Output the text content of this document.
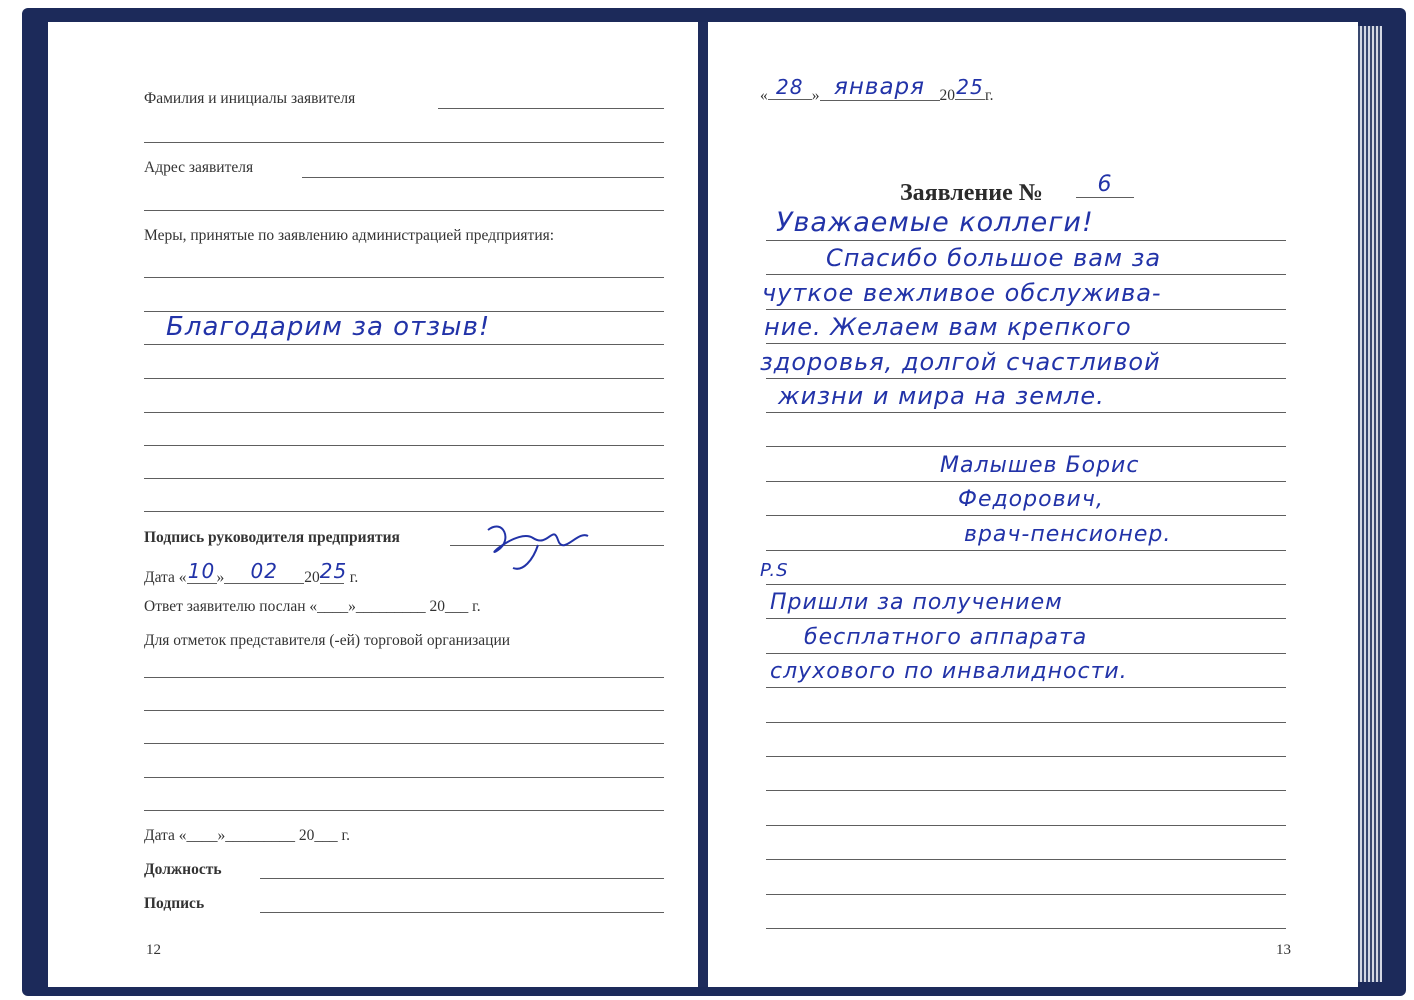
Фамилия и инициалы заявителя
Адрес заявителя
Меры, принятые по заявлению администрацией предприятия:
Благодарим за отзыв!
Подпись руководителя предприятия
Дата «10» 02 2025 г.
Ответ заявителю послан «____»_________ 20___ г.
Для отметок представителя (-ей) торговой организации
Дата «____»_________ 20___ г.
Должность
Подпись
12
« 28 » января 2025г.
Заявление №	6
Уважаемые коллеги!
Спасибо большое вам за
чуткое вежливое обслужива-
ние. Желаем вам крепкого
здоровья, долгой счастливой
жизни и мира на земле.
Малышев Борис
Федорович,
врач-пенсионер.
P.S
Пришли за получением
бесплатного аппарата
слухового по инвалидности.
13
